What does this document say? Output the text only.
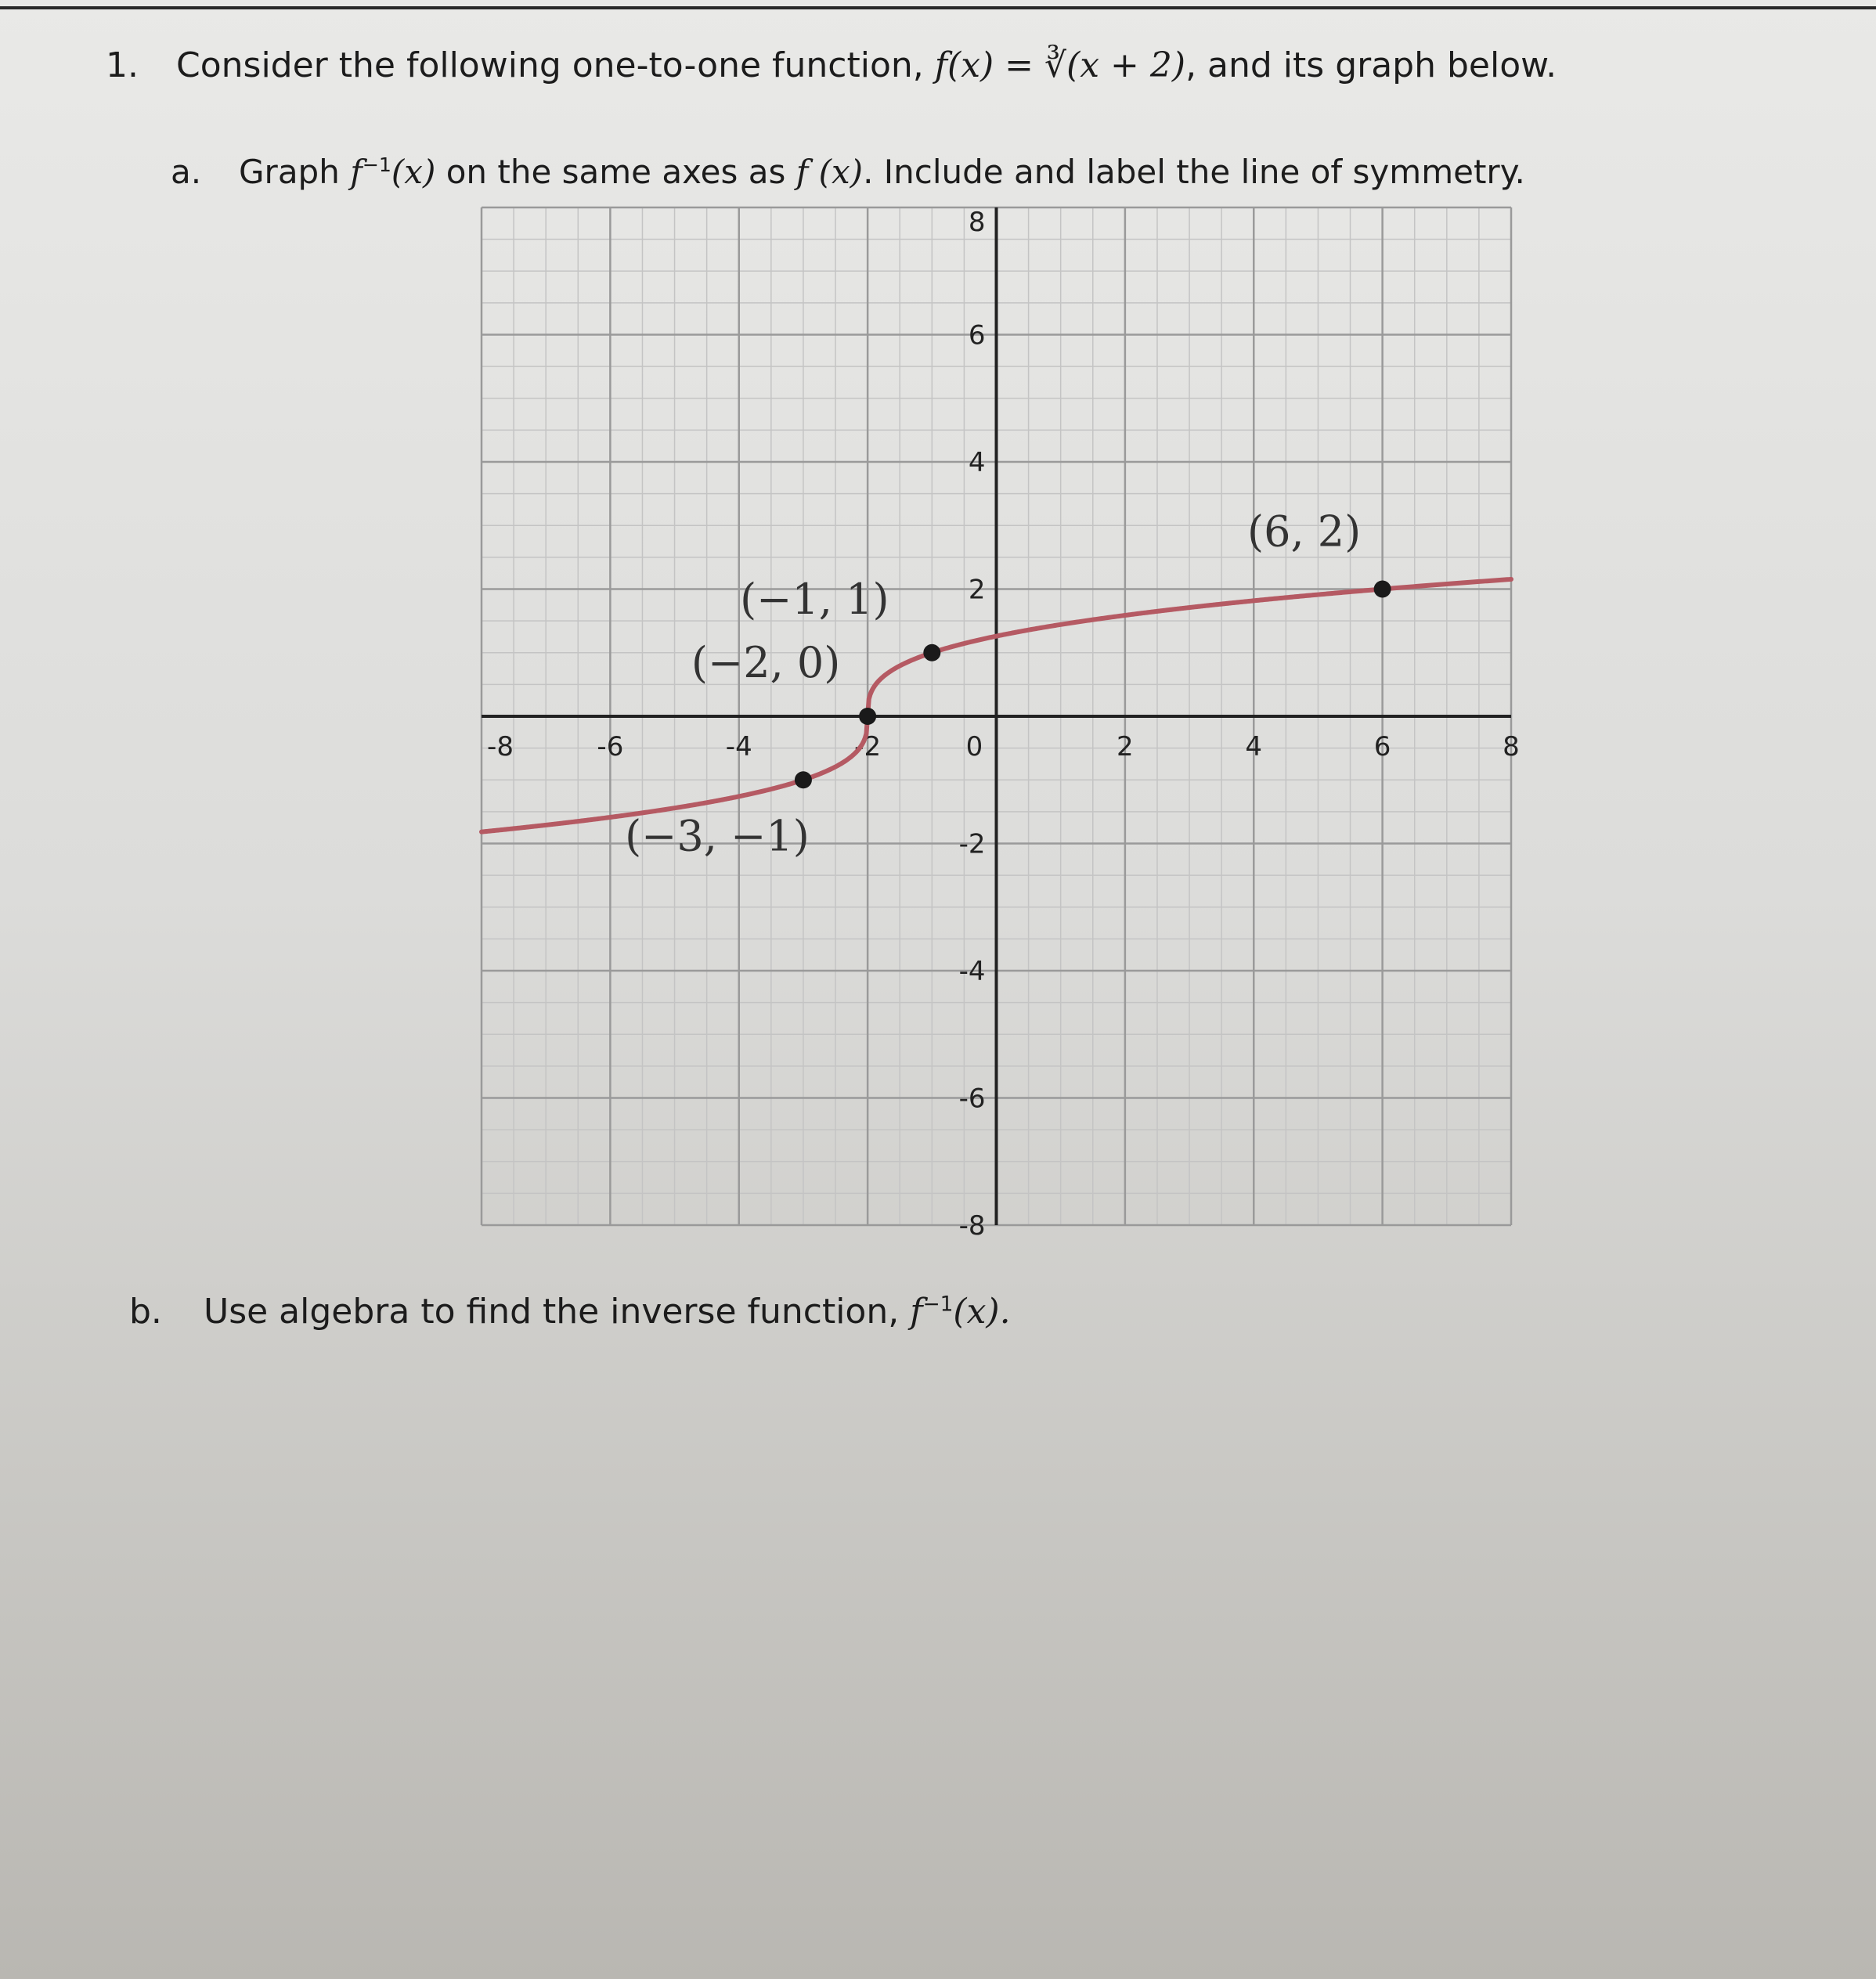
1. Consider the following one-to-one function, f(x) = ∛(x + 2), and its graph below.
a. Graph $f^{-1}(x)$ on the same axes as f (x). Include and label the line of symmetry.
-8	-6	-4	-2	0	2	4	6	8
8
6
4
2
-2
-4
-6
-8
(−3, −1)
(−2, 0)
(−1, 1)
(6, 2)
b. Use algebra to find the inverse function, $f^{-1}(x)$.
